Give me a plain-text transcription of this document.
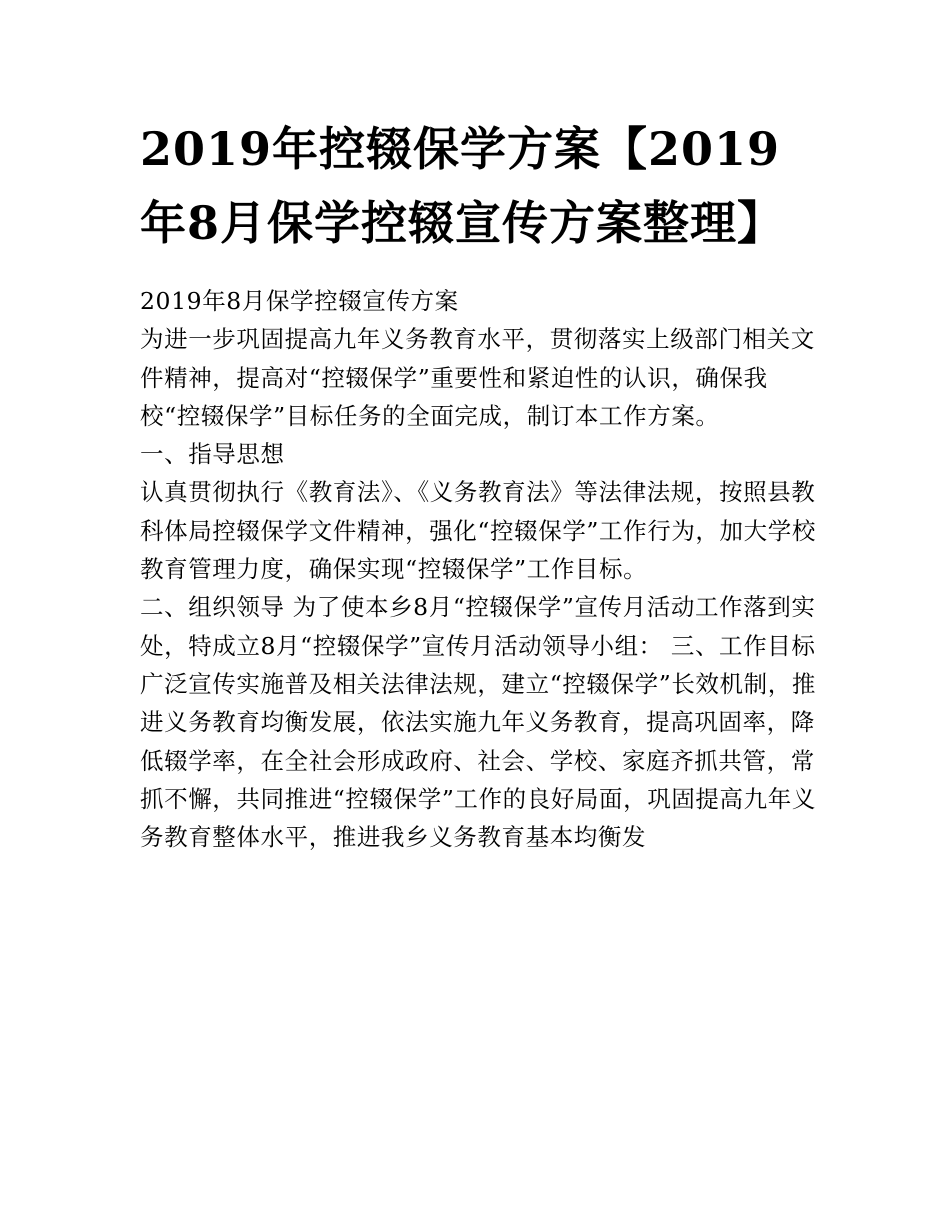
2019年控辍保学方案【2019年8月保学控辍宣传方案整理】

2019年8月保学控辍宣传方案

为进一步巩固提高九年义务教育水平，贯彻落实上级部门相关文件精神，提高对“控辍保学”重要性和紧迫性的认识，确保我校“控辍保学”目标任务的全面完成，制订本工作方案。

一、指导思想

认真贯彻执行《教育法》、《义务教育法》等法律法规，按照县教科体局控辍保学文件精神，强化“控辍保学”工作行为，加大学校教育管理力度，确保实现“控辍保学”工作目标。

二、组织领导 为了使本乡8月“控辍保学”宣传月活动工作落到实处，特成立8月“控辍保学”宣传月活动领导小组： 三、工作目标

广泛宣传实施普及相关法律法规，建立“控辍保学”长效机制，推进义务教育均衡发展，依法实施九年义务教育，提高巩固率，降低辍学率，在全社会形成政府、社会、学校、家庭齐抓共管，常抓不懈，共同推进“控辍保学”工作的良好局面，巩固提高九年义务教育整体水平，推进我乡义务教育基本均衡发
